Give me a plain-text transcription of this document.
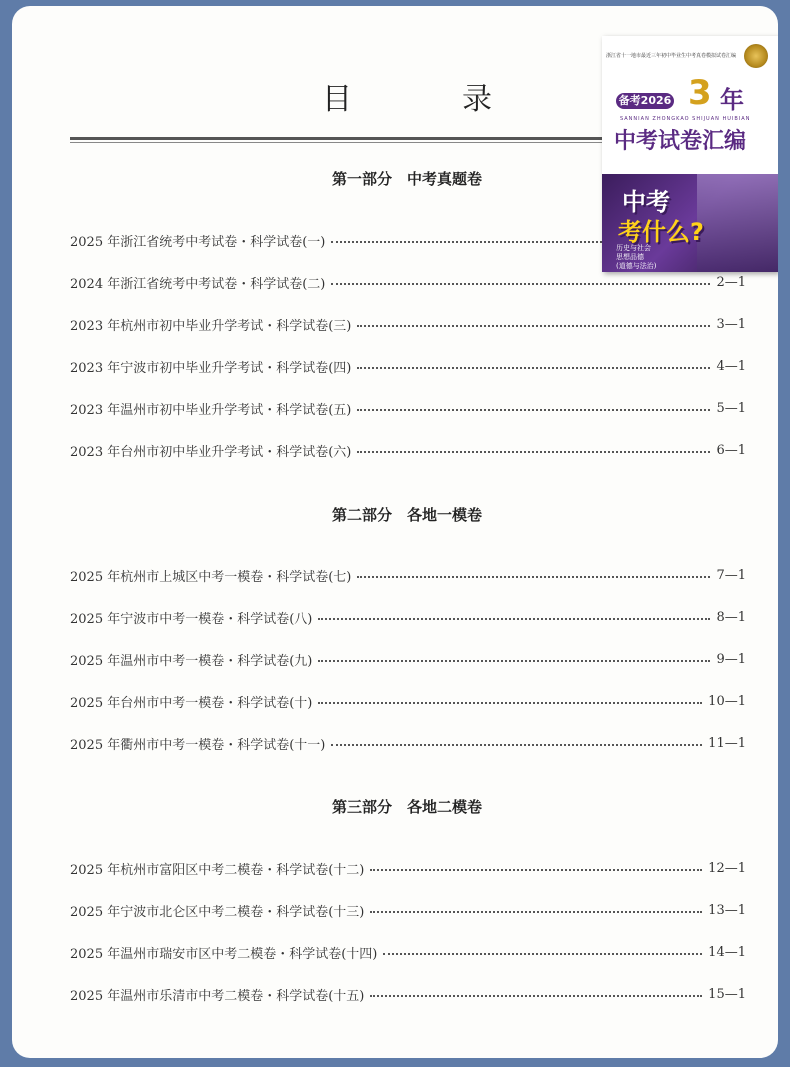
目　录
第一部分　中考真题卷
2025 年浙江省统考中考试卷・科学试卷(一)
2024 年浙江省统考中考试卷・科学试卷(二)	2—1
2023 年杭州市初中毕业升学考试・科学试卷(三)	3—1
2023 年宁波市初中毕业升学考试・科学试卷(四)	4—1
2023 年温州市初中毕业升学考试・科学试卷(五)	5—1
2023 年台州市初中毕业升学考试・科学试卷(六)	6—1
第二部分　各地一模卷
2025 年杭州市上城区中考一模卷・科学试卷(七)	7—1
2025 年宁波市中考一模卷・科学试卷(八)	8—1
2025 年温州市中考一模卷・科学试卷(九)	9—1
2025 年台州市中考一模卷・科学试卷(十)	10—1
2025 年衢州市中考一模卷・科学试卷(十一)	11—1
第三部分　各地二模卷
2025 年杭州市富阳区中考二模卷・科学试卷(十二)	12—1
2025 年宁波市北仑区中考二模卷・科学试卷(十三)	13—1
2025 年温州市瑞安市区中考二模卷・科学试卷(十四)	14—1
2025 年温州市乐清市中考二模卷・科学试卷(十五)	15—1
浙江省十一地市最近三年初中毕业生中考真卷模拟试卷汇编
3 年
备考2026
SANNIAN ZHONGKAO SHIJUAN HUIBIAN
中考试卷汇编
中考
考什么?
历史与社会
思想品德
(道德与法治)
